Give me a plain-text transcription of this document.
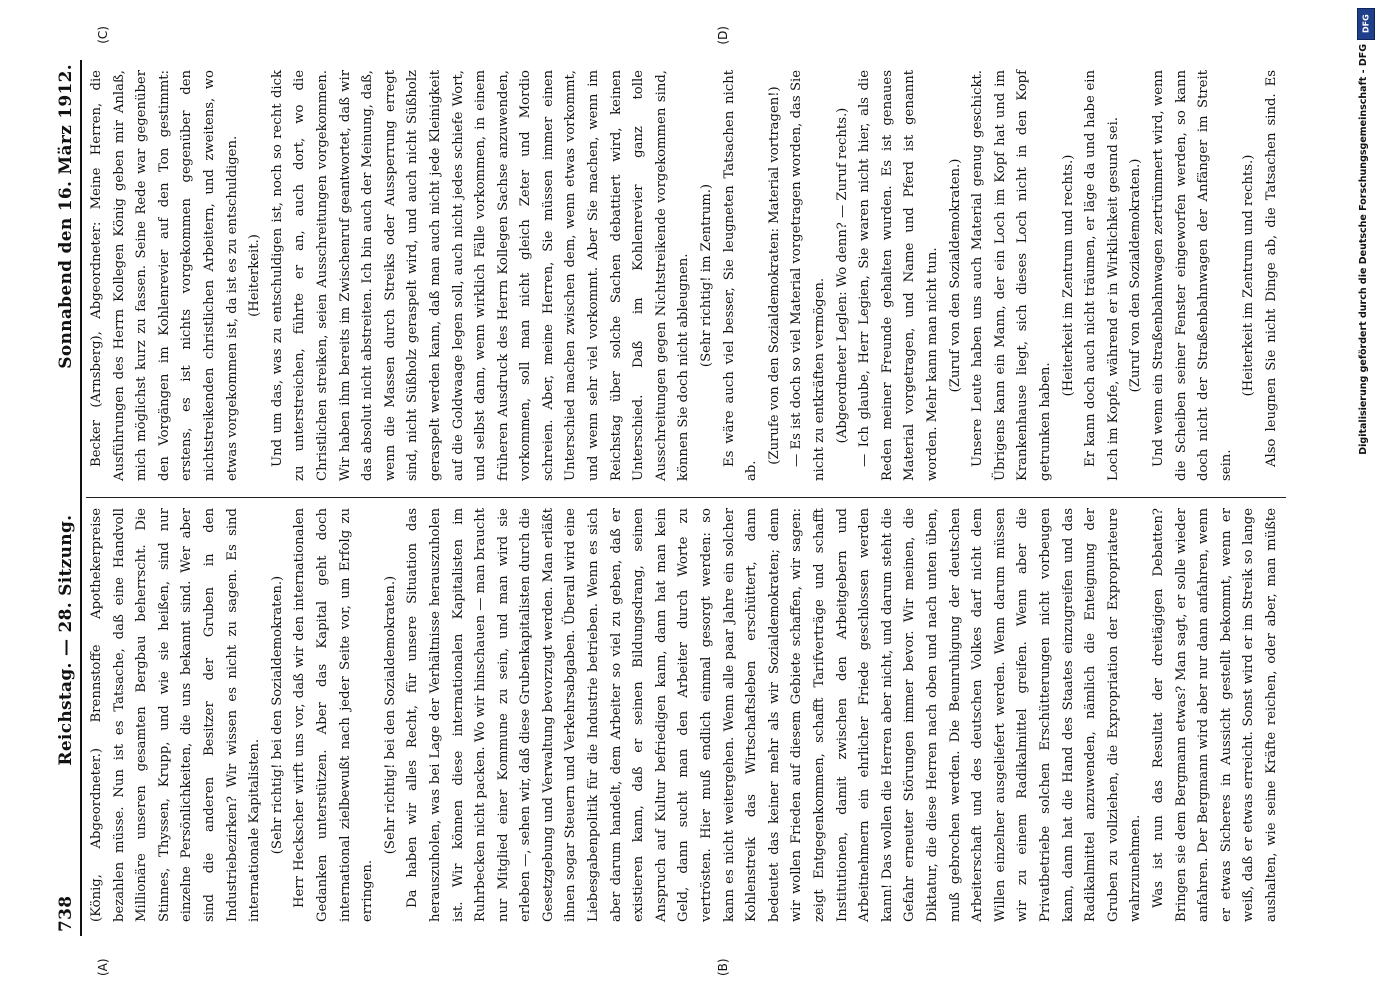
738
Reichstag. — 28. Sitzung.
Sonnabend den 16. März 1912.
(A)	(B)
(C)	(D)

(König, Abgeordneter.) Brennstoffe Apothekerpreise bezahlen müsse. Nun ist es Tatsache, daß eine Handvoll Millionäre unseren gesamten Bergbau beherrscht. Die Stinnes, Thyssen, Krupp, und wie sie heißen, sind nur einzelne Persönlichkeiten, die uns bekannt sind. Wer aber sind die anderen Besitzer der Gruben in den Industriebezirken? Wir wissen es nicht zu sagen. Es sind internationale Kapitalisten. (Sehr richtig! bei den Sozialdemokraten.) Herr Heckscher wirft uns vor, daß wir den internationalen Gedanken unterstützen. Aber das Kapital geht doch international zielbewußt nach jeder Seite vor, um Erfolg zu erringen.

(Sehr richtig! bei den Sozialdemokraten.) Da haben wir alles Recht, für unsere Situation das herauszuholen, was bei Lage der Verhältnisse herauszuholen ist. Wir können diese internationalen Kapitalisten im Ruhrbecken nicht packen. Wo wir hinschauen — man braucht nur Mitglied einer Kommune zu sein, und man wird sie erleben —, sehen wir, daß diese Grubenkapitalisten durch die Gesetzgebung und Verwaltung bevorzugt werden. Man erläßt ihnen sogar Steuern und Verkehrsabgaben. Überall wird eine Liebesgabenpolitik für die Industrie betrieben. Wenn es sich aber darum handelt, dem Arbeiter so viel zu geben, daß er existieren kann, daß er seinen Bildungsdrang, seinen Anspruch auf Kultur befriedigen kann, dann hat man kein Geld, dann sucht man den Arbeiter durch Worte zu vertrösten. Hier muß endlich einmal gesorgt werden: so kann es nicht weitergehen. Wenn alle paar Jahre ein solcher Kohlenstreik das Wirtschaftsleben erschüttert, dann bedeutet das keiner mehr als wir Sozialdemokraten; denn wir wollen Frieden auf diesem Gebiete schaffen, wir sagen: zeigt Entgegenkommen, schafft Tarifverträge und schafft Institutionen, damit zwischen den Arbeitgebern und Arbeitnehmern ein ehrlicher Friede geschlossen werden kann! Das wollen die Herren aber nicht, und darum steht die Gefahr erneuter Störungen immer bevor. Wir meinen, die Diktatur, die diese Herren nach oben und nach unten üben, muß gebrochen werden. Die Beunruhigung der deutschen Arbeiterschaft und des deutschen Volkes darf nicht dem Willen einzelner ausgeliefert werden. Wenn darum müssen wir zu einem Radikalmittel greifen. Wenn aber die Privatbetriebe solchen Erschütterungen nicht vorbeugen kann, dann hat die Hand des Staates einzugreifen und das Radikalmittel anzuwenden, nämlich die Enteignung der Gruben zu vollziehen, die Expropriation der Expropriateure wahrzunehmen. Was ist nun das Resultat der dreitägigen Debatten? Bringen sie dem Bergmann etwas? Man sagt, er solle wieder anfahren. Der Bergmann wird aber nur dann anfahren, wenn er etwas Sicheres in Aussicht gestellt bekommt, wenn er weiß, daß er etwas erreicht. Sonst wird er im Streik so lange aushalten, wie seine Kräfte reichen, oder aber, man müßte

Becker (Arnsberg), Abgeordneter: Meine Herren, die Ausführungen des Herrn Kollegen König geben mir Anlaß, mich möglichst kurz zu fassen. Seine Rede war gegenüber den Vorgängen im Kohlenrevier auf den Ton gestimmt: erstens, es ist nichts vorgekommen gegenüber den nichtstreikenden christlichen Arbeitern, und zweitens, wo etwas vorgekommen ist, da ist es zu entschuldigen. (Heiterkeit.) Und um das, was zu entschuldigen ist, noch so recht dick zu unterstreichen, führte er an, auch dort, wo die Christlichen streiken, seien Ausschreitungen vorgekommen. Wir haben ihm bereits im Zwischenruf geantwortet, daß wir das absolut nicht abstreiten. Ich bin auch der Meinung, daß, wenn die Massen durch Streiks oder Aussperrung erregt sind, nicht Süßholz geraspelt wird, und auch nicht Süßholz geraspelt werden kann, daß man auch nicht jede Kleinigkeit auf die Goldwaage legen soll, auch nicht jedes schiefe Wort, und selbst dann, wenn wirklich Fälle vorkommen, in einem früheren Ausdruck des Herrn Kollegen Sachse anzuwenden, vorkommen, soll man nicht gleich Zeter und Mordio schreien. Aber, meine Herren, Sie müssen immer einen Unterschied machen zwischen dem, wenn etwas vorkommt, und wenn sehr viel vorkommt. Aber Sie machen, wenn im Reichstag über solche Sachen debattiert wird, keinen Unterschied. Daß im Kohlenrevier ganz tolle Ausschreitungen gegen Nichtstreikende vorgekommen sind, können Sie doch nicht ableugnen. (Sehr richtig! im Zentrum.) Es wäre auch viel besser, Sie leugneten Tatsachen nicht ab.

(Zurufe von den Sozialdemokraten: Material vortragen!) — Es ist doch so viel Material vorgetragen worden, das Sie nicht zu entkräften vermögen. (Abgeordneter Leglen: Wo denn? — Zuruf rechts.) — Ich glaube, Herr Legien, Sie waren nicht hier, als die Reden meiner Freunde gehalten wurden. Es ist genaues Material vorgetragen, und Name und Pferd ist genannt worden. Mehr kann man nicht tun. (Zuruf von den Sozialdemokraten.) Unsere Leute haben uns auch Material genug geschickt. Übrigens kann ein Mann, der ein Loch im Kopf hat und im Krankenhause liegt, sich dieses Loch nicht in den Kopf getrunken haben.

(Heiterkeit im Zentrum und rechts.) Er kann doch auch nicht träumen, er läge da und habe ein Loch im Kopfe, während er in Wirklichkeit gesund sei. (Zuruf von den Sozialdemokraten.) Und wenn ein Straßenbahnwagen zertrümmert wird, wenn die Scheiben seiner Fenster eingeworfen werden, so kann doch nicht der Straßenbahnwagen der Anfänger im Streit sein.

(Heiterkeit im Zentrum und rechts.)

Also leugnen Sie nicht Dinge ab, die Tatsachen sind. Es

DFG
Digitalisierung gefördert durch die Deutsche Forschungsgemeinschaft - DFG
